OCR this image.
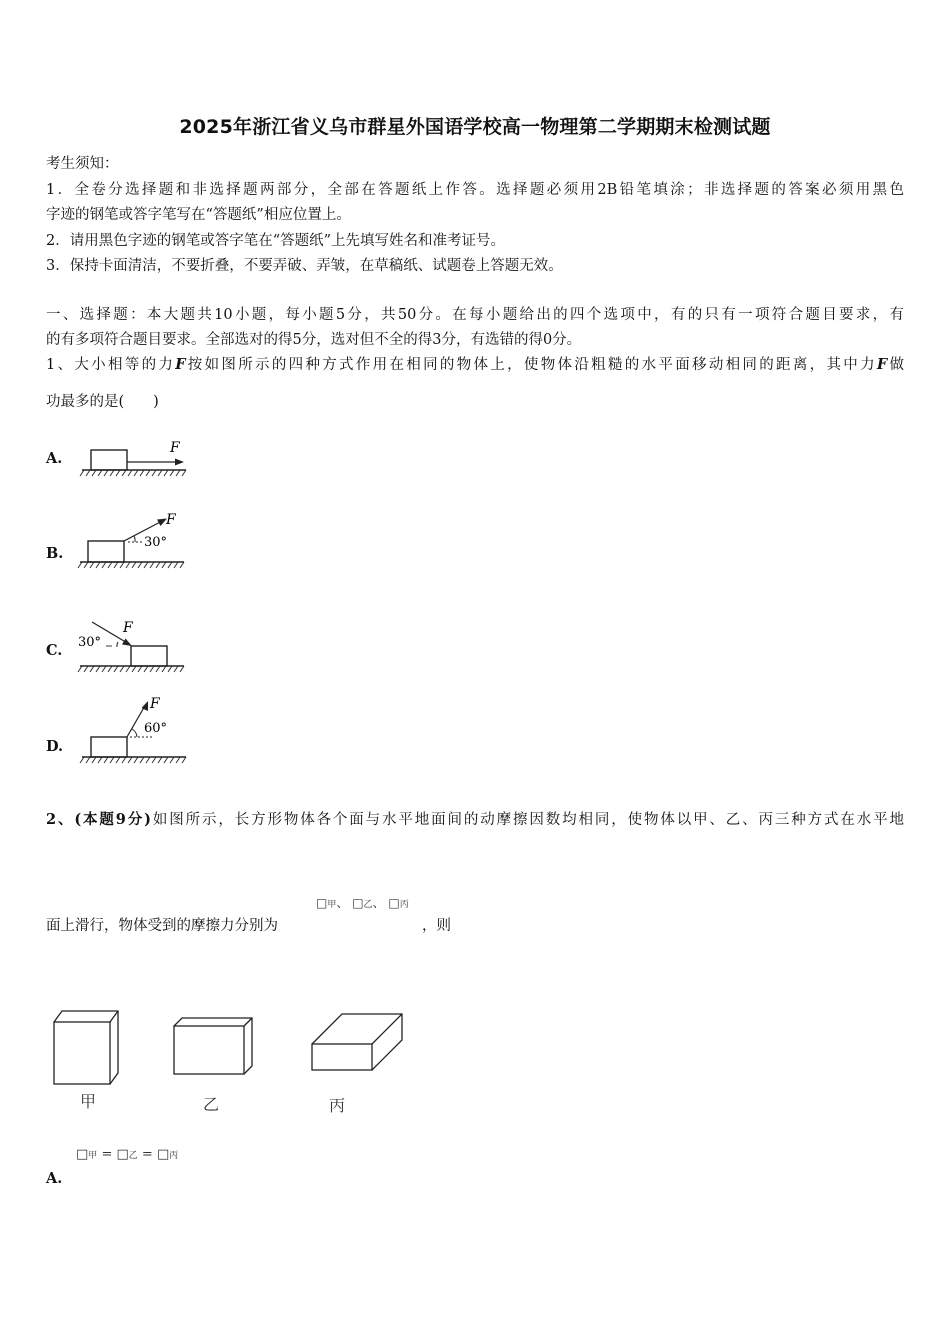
2025年浙江省义乌市群星外国语学校高一物理第二学期期末检测试题
考生须知：
1．全卷分选择题和非选择题两部分，全部在答题纸上作答。选择题必须用2B铅笔填涂；非选择题的答案必须用黑色
字迹的钢笔或答字笔写在“答题纸”相应位置上。
2．请用黑色字迹的钢笔或答字笔在“答题纸”上先填写姓名和准考证号。
3．保持卡面清洁，不要折叠，不要弄破、弄皱，在草稿纸、试题卷上答题无效。
一、选择题：本大题共10小题，每小题5分，共50分。在每小题给出的四个选项中，有的只有一项符合题目要求，有
的有多项符合题目要求。全部选对的得5分，选对但不全的得3分，有选错的得0分。
1、大小相等的力F按如图所示的四种方式作用在相同的物体上，使物体沿粗糙的水平面移动相同的距离，其中力F做
功最多的是(　　)
A.
F
B.
F
30°
C.
F
30°
D.
F
60°
2、(本题9分)如图所示，长方形物体各个面与水平地面间的动摩擦因数均相同，使物体以甲、乙、丙三种方式在水平地
□甲、 □乙、 □丙
面上滑行，物体受到的摩擦力分别为	，则
甲	乙	丙
□甲 = □乙 = □丙
A.
